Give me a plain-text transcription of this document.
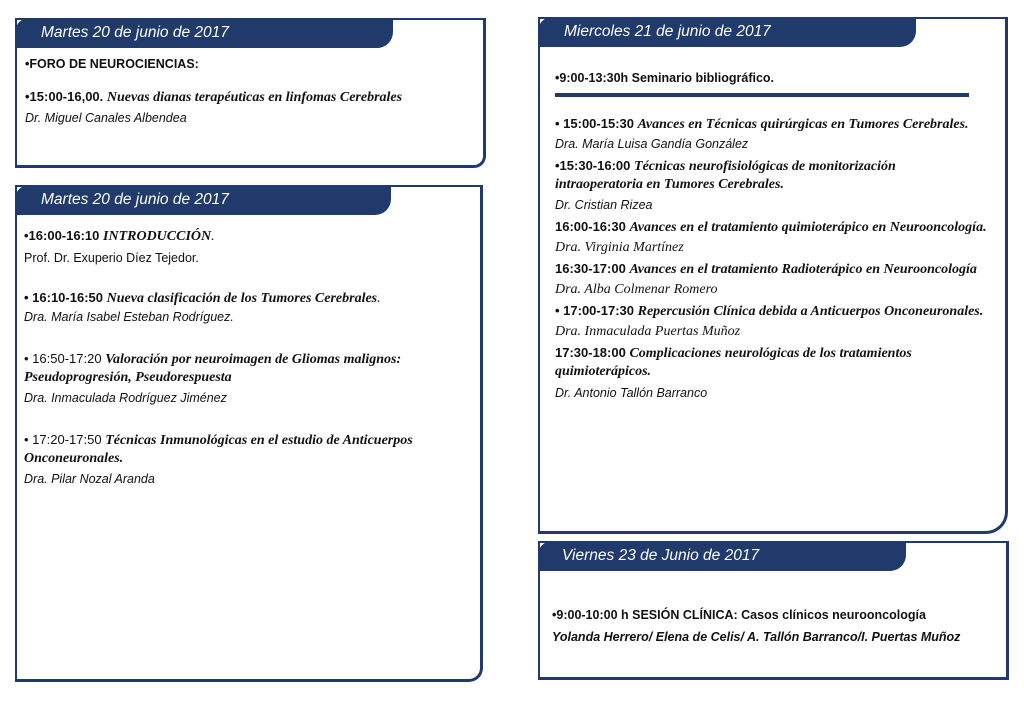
Martes 20 de junio de 2017

•FORO DE NEUROCIENCIAS:

•15:00-16,00. Nuevas dianas terapéuticas en linfomas Cerebrales

Dr. Miguel Canales Albendea

Martes 20 de junio de 2017

•16:00-16:10 INTRODUCCIÓN.

Prof. Dr. Exuperio Díez Tejedor.

• 16:10-16:50 Nueva clasificación de los Tumores Cerebrales.

Dra. María Isabel Esteban Rodríguez.

• 16:50-17:20 Valoración por neuroimagen de Gliomas malignos: Pseudoprogresión, Pseudorespuesta

Dra. Inmaculada Rodríguez Jiménez

• 17:20-17:50 Técnicas Inmunológicas en el estudio de Anticuerpos Onconeuronales.

Dra. Pilar Nozal Aranda

Miercoles 21 de junio de 2017

•9:00-13:30h Seminario bibliográfico.

• 15:00-15:30 Avances en Técnicas quirúrgicas en Tumores Cerebrales.

Dra. María Luisa Gandía González

•15:30-16:00 Técnicas neurofisiológicas de monitorización intraoperatoria en Tumores Cerebrales.

Dr. Cristian Rizea

16:00-16:30 Avances en el tratamiento quimioterápico en Neurooncología.

Dra. Virginia Martínez

16:30-17:00 Avances en el tratamiento Radioterápico en Neurooncología

Dra. Alba Colmenar Romero

• 17:00-17:30 Repercusión Clínica debida a Anticuerpos Onconeuronales.

Dra. Inmaculada Puertas Muñoz

17:30-18:00 Complicaciones neurológicas de los tratamientos quimioterápicos.

Dr. Antonio Tallón Barranco

Viernes 23 de Junio de 2017

•9:00-10:00 h SESIÓN CLÍNICA: Casos clínicos neurooncología

Yolanda Herrero/ Elena de Celis/ A. Tallón Barranco/I. Puertas Muñoz
